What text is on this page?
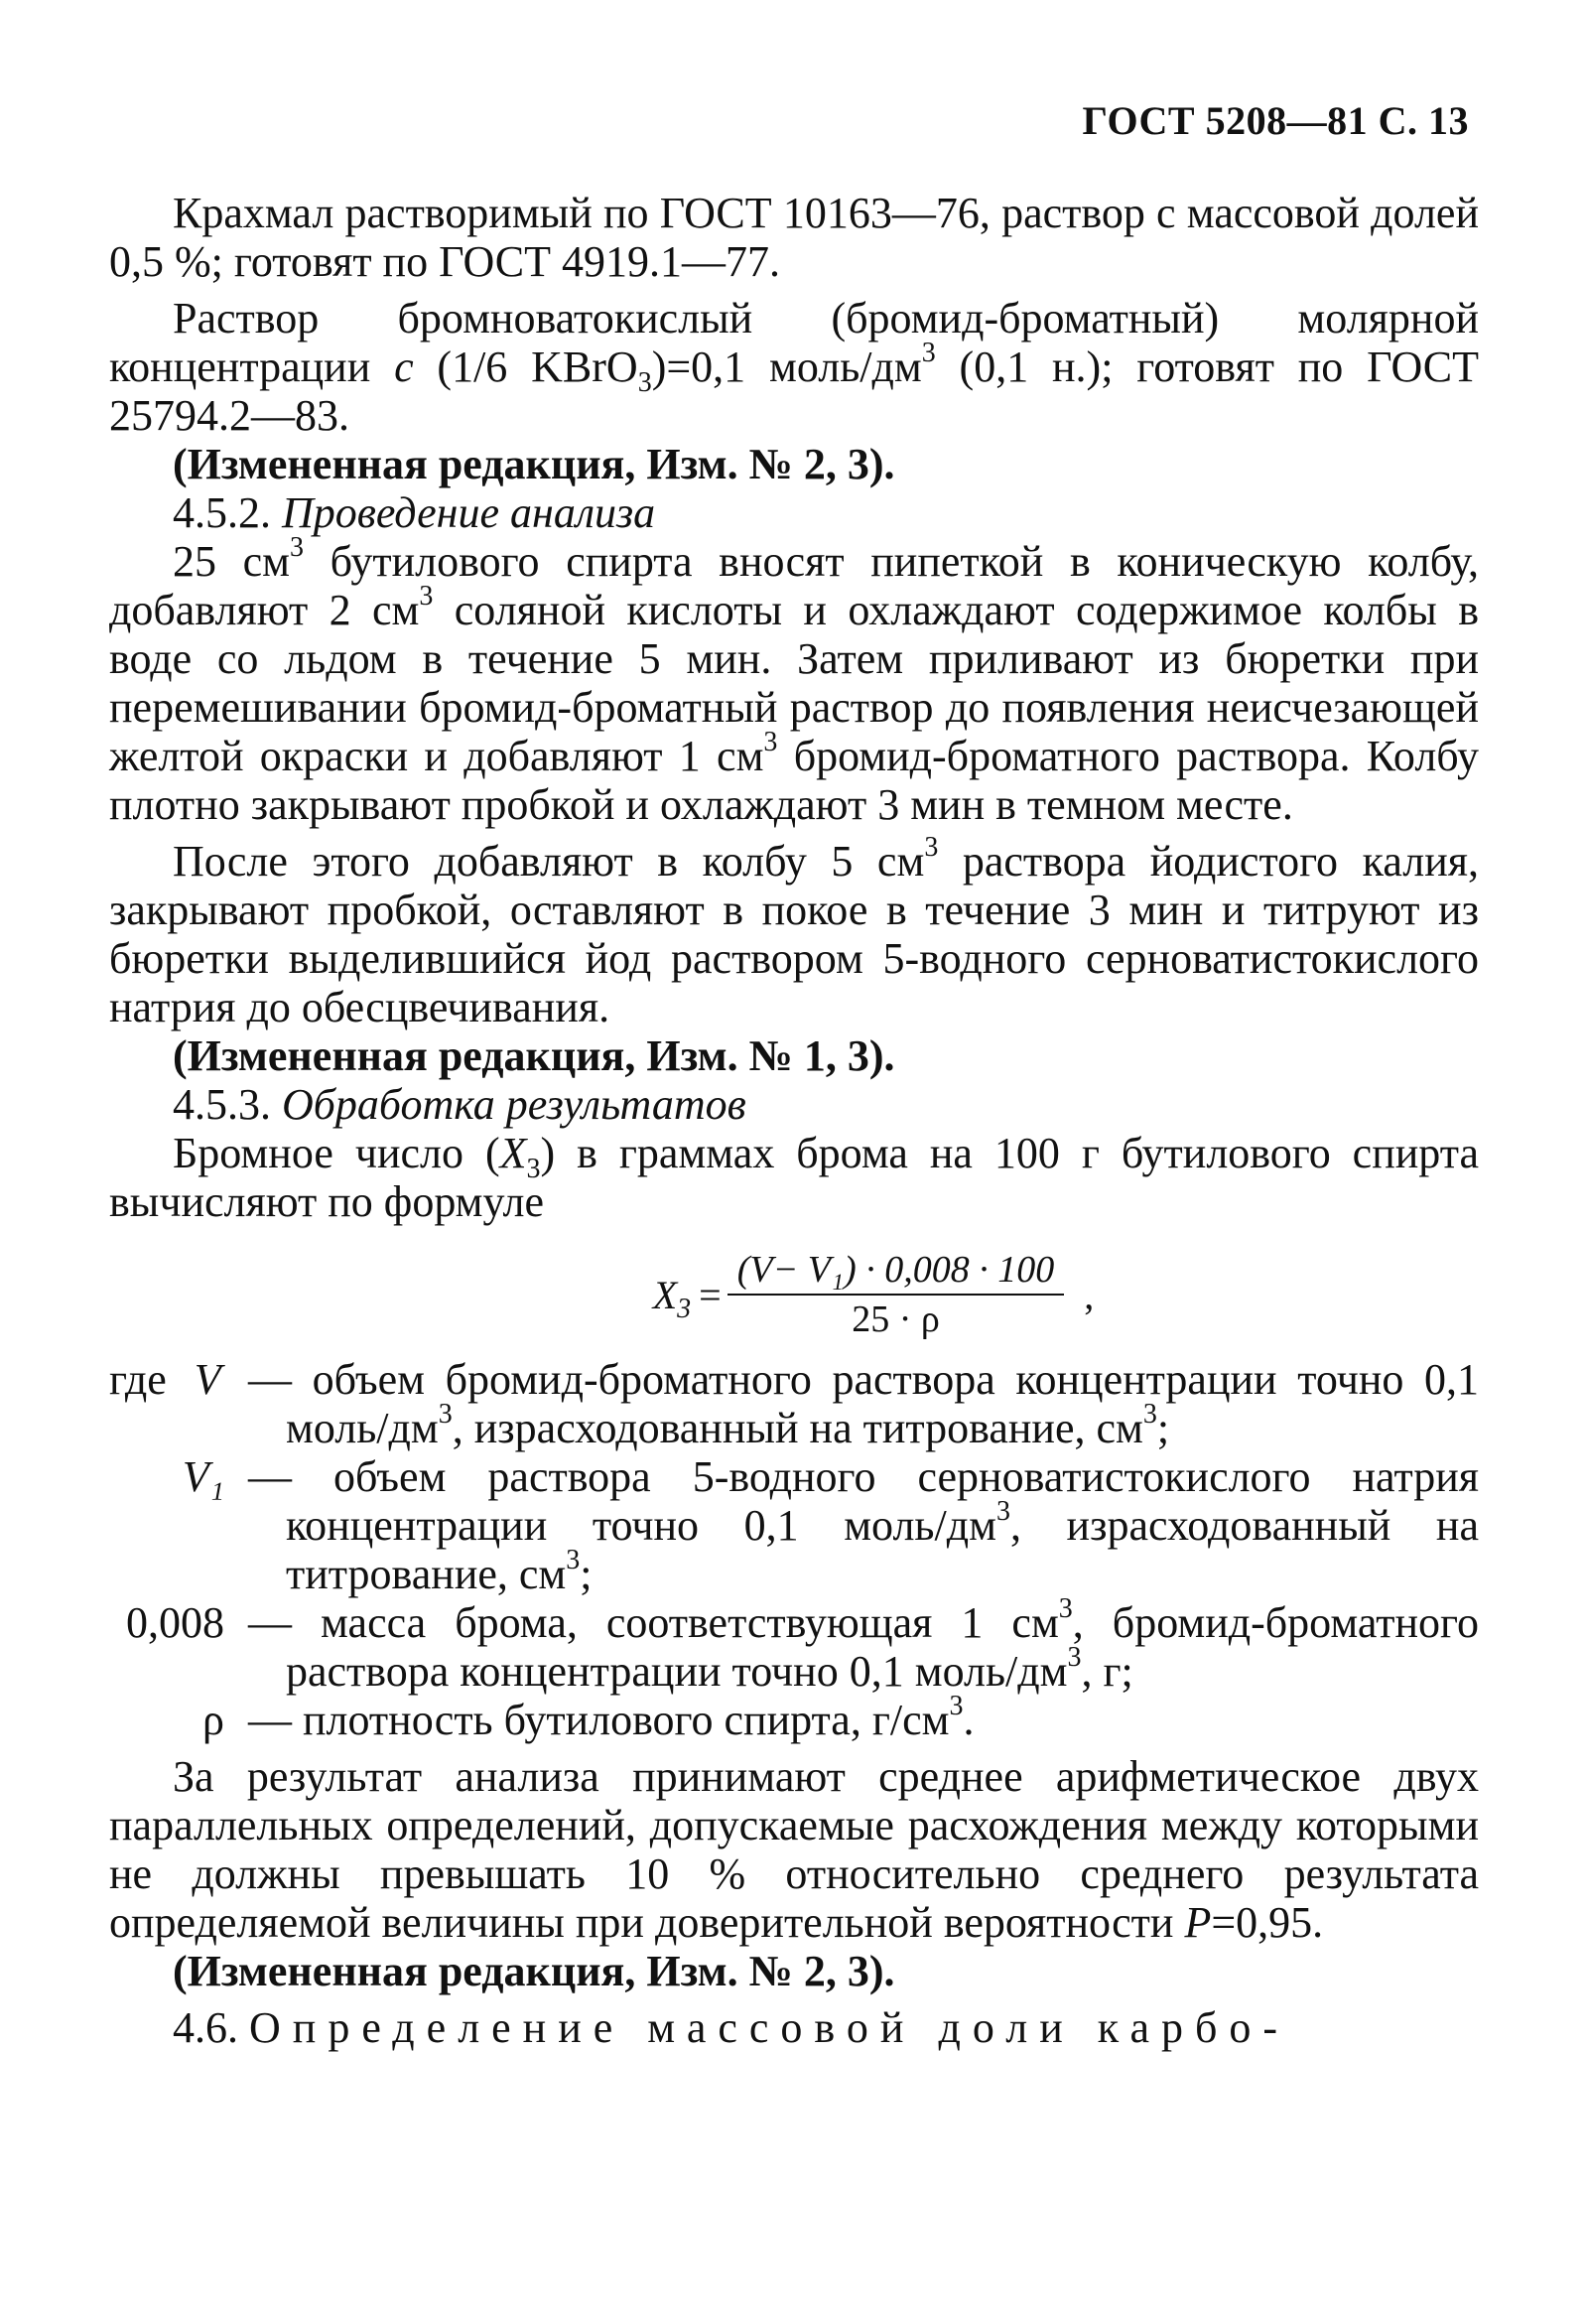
ГОСТ 5208—81 С. 13

Крахмал растворимый по ГОСТ 10163—76, раствор с массовой долей 0,5 %; готовят по ГОСТ 4919.1—77.

Раствор бромноватокислый (бромид-броматный) молярной концентрации c (1/6 KBrO$_3$)=0,1 моль/$дм^3$ (0,1 н.); готовят по ГОСТ 25794.2—83.

(Измененная редакция, Изм. № 2, 3).

4.5.2. Проведение анализа

25 $см^3$ бутилового спирта вносят пипеткой в коническую колбу, добавляют 2 $см^3$ соляной кислоты и охлаждают содержимое колбы в воде со льдом в течение 5 мин. Затем приливают из бюретки при перемешивании бромид-броматный раствор до появления неисчезающей желтой окраски и добавляют 1 $см^3$ бромид-броматного раствора. Колбу плотно закрывают пробкой и охлаждают 3 мин в темном месте.

После этого добавляют в колбу 5 $см^3$ раствора йодистого калия, закрывают пробкой, оставляют в покое в течение 3 мин и титруют из бюретки выделившийся йод раствором 5-водного серноватистокислого натрия до обесцвечивания.

(Измененная редакция, Изм. № 1, 3).

4.5.3. Обработка результатов

Бромное число $(X_3)$ в граммах брома на 100 г бутилового спирта вычисляют по формуле

$X_3 = \frac{\text{(V− V₁) · 0,008 · 100}}{25 \cdot \rho}$ ,
где V — объем бромид-броматного раствора концентрации точно 0,1 моль/$дм^3$, израсходованный на титрование, $см^3$;
V₁ — объем раствора 5-водного серноватистокислого натрия концентрации точно 0,1 моль/$дм^3$, израсходованный на титрование, $см^3$;
0,008 — масса брома, соответствующая 1 $см^3$, бромид-броматного раствора концентрации точно 0,1 моль/$дм^3$, г;
ρ — плотность бутилового спирта, $г/см^3$.

За результат анализа принимают среднее арифметическое двух параллельных определений, допускаемые расхождения между которыми не должны превышать 10 % относительно среднего результата определяемой величины при доверительной вероятности P=0,95.

(Измененная редакция, Изм. № 2, 3).

4.6. Определение массовой доли карбо-
